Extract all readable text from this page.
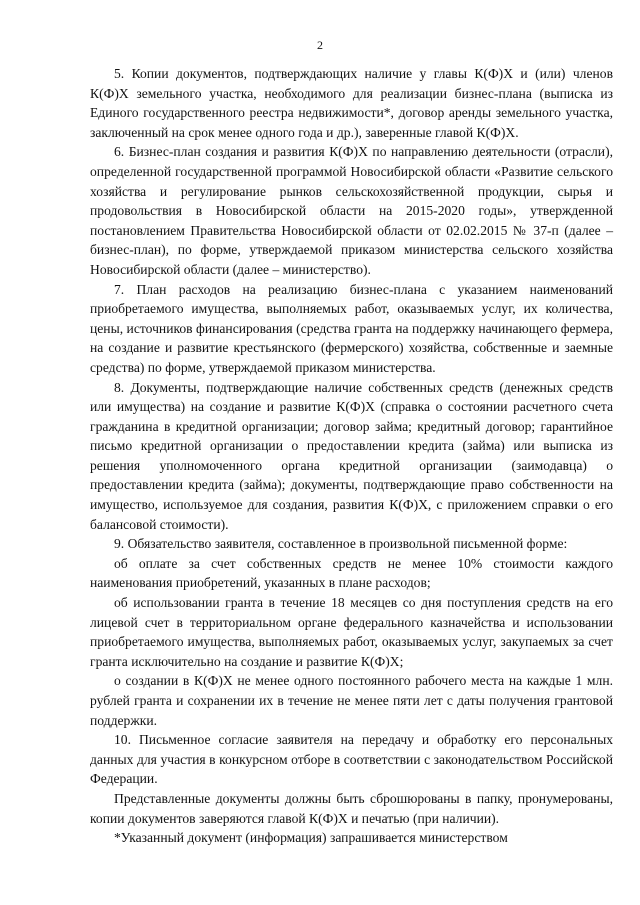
2

5. Копии документов, подтверждающих наличие у главы К(Ф)Х и (или) членов К(Ф)Х земельного участка, необходимого для реализации бизнес-плана (выписка из Единого государственного реестра недвижимости*, договор аренды земельного участка, заключенный на срок менее одного года и др.), заверенные главой К(Ф)Х.

6. Бизнес-план создания и развития К(Ф)Х по направлению деятельности (отрасли), определенной государственной программой Новосибирской области «Развитие сельского хозяйства и регулирование рынков сельскохозяйственной продукции, сырья и продовольствия в Новосибирской области на 2015-2020 годы», утвержденной постановлением Правительства Новосибирской области от 02.02.2015 № 37-п (далее – бизнес-план), по форме, утверждаемой приказом министерства сельского хозяйства Новосибирской области (далее – министерство).

7. План расходов на реализацию бизнес-плана с указанием наименований приобретаемого имущества, выполняемых работ, оказываемых услуг, их количества, цены, источников финансирования (средства гранта на поддержку начинающего фермера, на создание и развитие крестьянского (фермерского) хозяйства, собственные и заемные средства) по форме, утверждаемой приказом министерства.

8. Документы, подтверждающие наличие собственных средств (денежных средств или имущества) на создание и развитие К(Ф)Х (справка о состоянии расчетного счета гражданина в кредитной организации; договор займа; кредитный договор; гарантийное письмо кредитной организации о предоставлении кредита (займа) или выписка из решения уполномоченного органа кредитной организации (заимодавца) о предоставлении кредита (займа); документы, подтверждающие право собственности на имущество, используемое для создания, развития К(Ф)Х, с приложением справки о его балансовой стоимости).

9. Обязательство заявителя, составленное в произвольной письменной форме:

об оплате за счет собственных средств не менее 10% стоимости каждого наименования приобретений, указанных в плане расходов;

об использовании гранта в течение 18 месяцев со дня поступления средств на его лицевой счет в территориальном органе федерального казначейства и использовании приобретаемого имущества, выполняемых работ, оказываемых услуг, закупаемых за счет гранта исключительно на создание и развитие К(Ф)Х;

о создании в К(Ф)Х не менее одного постоянного рабочего места на каждые 1 млн. рублей гранта и сохранении их в течение не менее пяти лет с даты получения грантовой поддержки.

10. Письменное согласие заявителя на передачу и обработку его персональных данных для участия в конкурсном отборе в соответствии с законодательством Российской Федерации.

Представленные документы должны быть сброшюрованы в папку, пронумерованы, копии документов заверяются главой К(Ф)Х и печатью (при наличии).

*Указанный документ (информация) запрашивается министерством
